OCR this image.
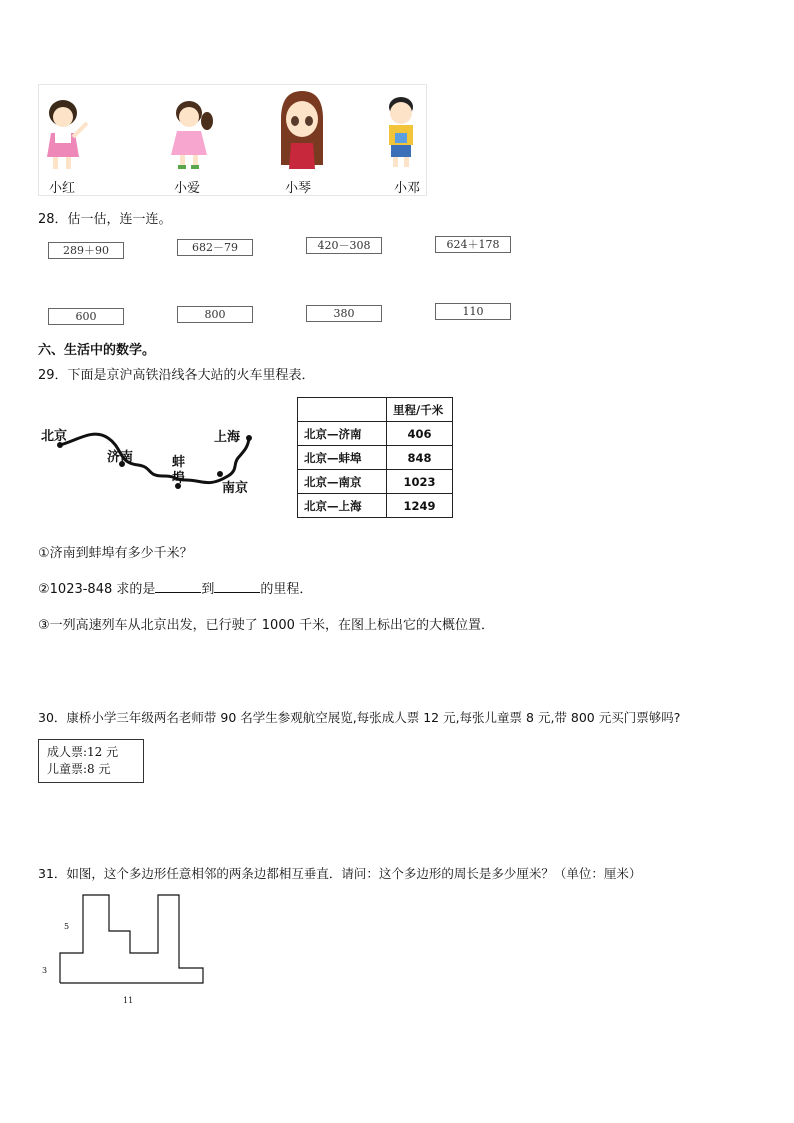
小红	小爱	小琴	小邓
28．估一估，连一连。
289＋90	682－79	420－308	624＋178
600	800	380	110
六、生活中的数学。
29．下面是京沪高铁沿线各大站的火车里程表．
北京
济南	蚌
埠
上海
南京
	里程/千米
北京—济南	406
北京—蚌埠	848
北京—南京	1023
北京—上海	1249
①济南到蚌埠有多少千米？
②1023-848 求的是	到	的里程．
③一列高速列车从北京出发，已行驶了 1000 千米，在图上标出它的大概位置．
30．康桥小学三年级两名老师带 90 名学生参观航空展览,每张成人票 12 元,每张儿童票 8 元,带 800 元买门票够吗?
成人票:12 元
儿童票:8 元
31．如图，这个多边形任意相邻的两条边都相互垂直．请问：这个多边形的周长是多少厘米？（单位：厘米）
5
3
11
